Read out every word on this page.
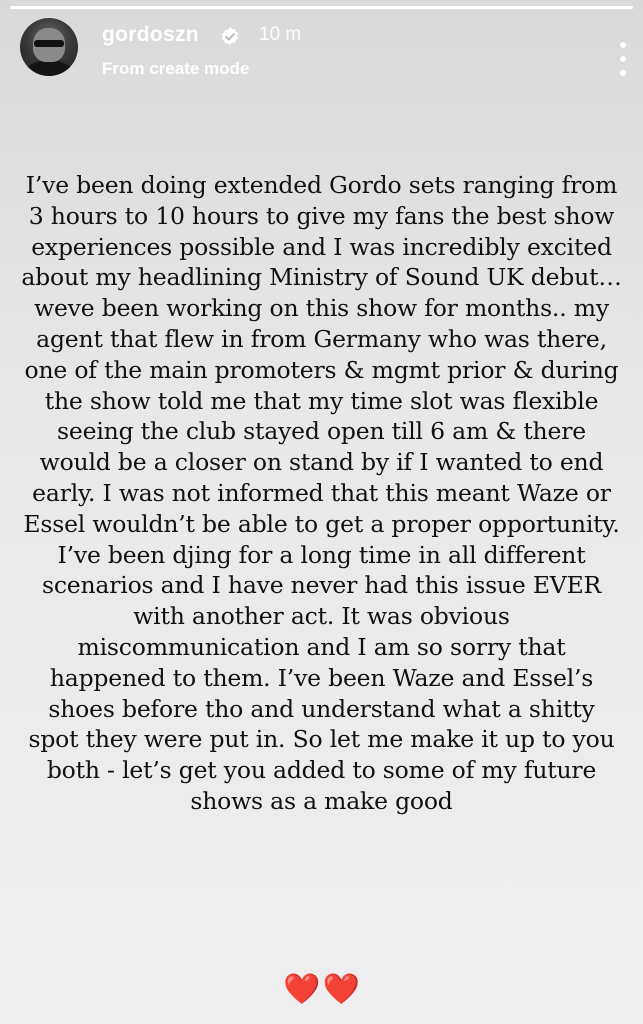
gordoszn	10 m
From create mode

I’ve been doing extended Gordo sets ranging from 3 hours to 10 hours to give my fans the best show experiences possible and I was incredibly excited about my headlining Ministry of Sound UK debut… weve been working on this show for months.. my agent that flew in from Germany who was there, one of the main promoters & mgmt prior & during the show told me that my time slot was flexible seeing the club stayed open till 6 am & there would be a closer on stand by if I wanted to end early. I was not informed that this meant Waze or Essel wouldn’t be able to get a proper opportunity. I’ve been djing for a long time in all different scenarios and I have never had this issue EVER with another act. It was obvious miscommunication and I am so sorry that happened to them. I’ve been Waze and Essel’s shoes before tho and understand what a shitty spot they were put in. So let me make it up to you both - let’s get you added to some of my future shows as a make good

❤️❤️
